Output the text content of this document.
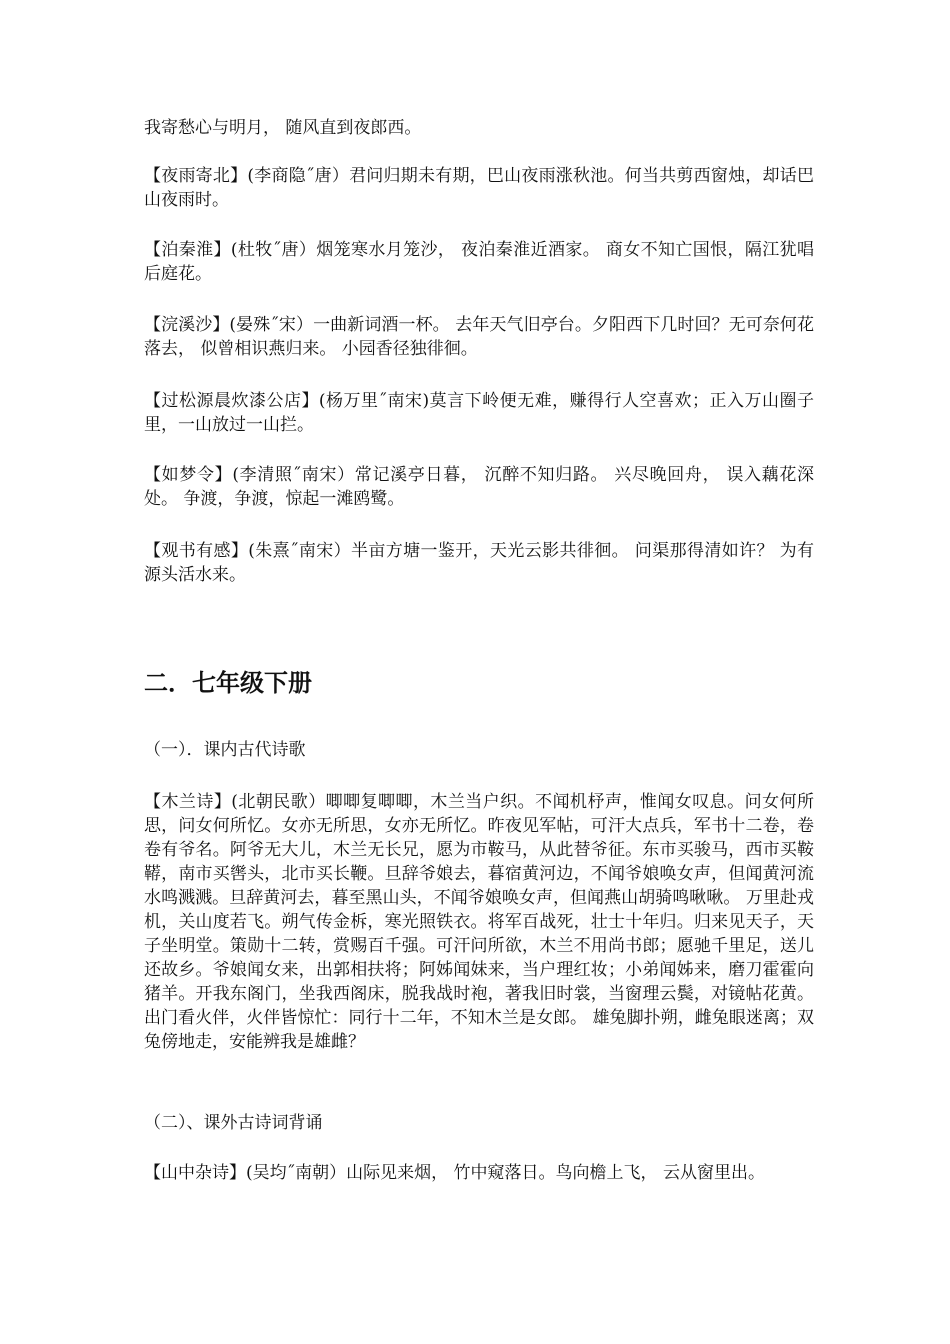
我寄愁心与明月， 随风直到夜郎西。

【夜雨寄北】(李商隐˝唐）君问归期未有期，巴山夜雨涨秋池。何当共剪西窗烛，却话巴山夜雨时。

【泊秦淮】(杜牧˝唐）烟笼寒水月笼沙， 夜泊秦淮近酒家。 商女不知亡国恨，隔江犹唱后庭花。

【浣溪沙】(晏殊˝宋）一曲新词酒一杯。 去年天气旧亭台。夕阳西下几时回？无可奈何花落去， 似曾相识燕归来。 小园香径独徘徊。

【过松源晨炊漆公店】(杨万里˝南宋)莫言下岭便无难，赚得行人空喜欢；正入万山圈子里，一山放过一山拦。

【如梦令】(李清照˝南宋）常记溪亭日暮， 沉醉不知归路。 兴尽晚回舟， 误入藕花深处。 争渡，争渡，惊起一滩鸥鹭。

【观书有感】(朱熹˝南宋）半亩方塘一鉴开，天光云影共徘徊。 问渠那得清如许？ 为有源头活水来。

二．七年级下册

（一）．课内古代诗歌

【木兰诗】(北朝民歌）唧唧复唧唧，木兰当户织。不闻机杼声，惟闻女叹息。问女何所思，问女何所忆。女亦无所思，女亦无所忆。昨夜见军帖，可汗大点兵，军书十二卷，卷卷有爷名。阿爷无大儿，木兰无长兄，愿为市鞍马，从此替爷征。东市买骏马，西市买鞍鞯，南市买辔头，北市买长鞭。旦辞爷娘去，暮宿黄河边，不闻爷娘唤女声，但闻黄河流水鸣溅溅。旦辞黄河去，暮至黑山头，不闻爷娘唤女声，但闻燕山胡骑鸣啾啾。 万里赴戎机，关山度若飞。朔气传金柝，寒光照铁衣。将军百战死，壮士十年归。归来见天子，天子坐明堂。策勋十二转，赏赐百千强。可汗问所欲，木兰不用尚书郎；愿驰千里足，送儿还故乡。爷娘闻女来，出郭相扶将；阿姊闻妹来，当户理红妆；小弟闻姊来，磨刀霍霍向猪羊。开我东阁门，坐我西阁床，脱我战时袍，著我旧时裳，当窗理云鬓，对镜帖花黄。出门看火伴，火伴皆惊忙：同行十二年，不知木兰是女郎。 雄兔脚扑朔，雌兔眼迷离；双兔傍地走，安能辨我是雄雌？

（二）、课外古诗词背诵

【山中杂诗】(吴均˝南朝）山际见来烟， 竹中窥落日。鸟向檐上飞， 云从窗里出。
